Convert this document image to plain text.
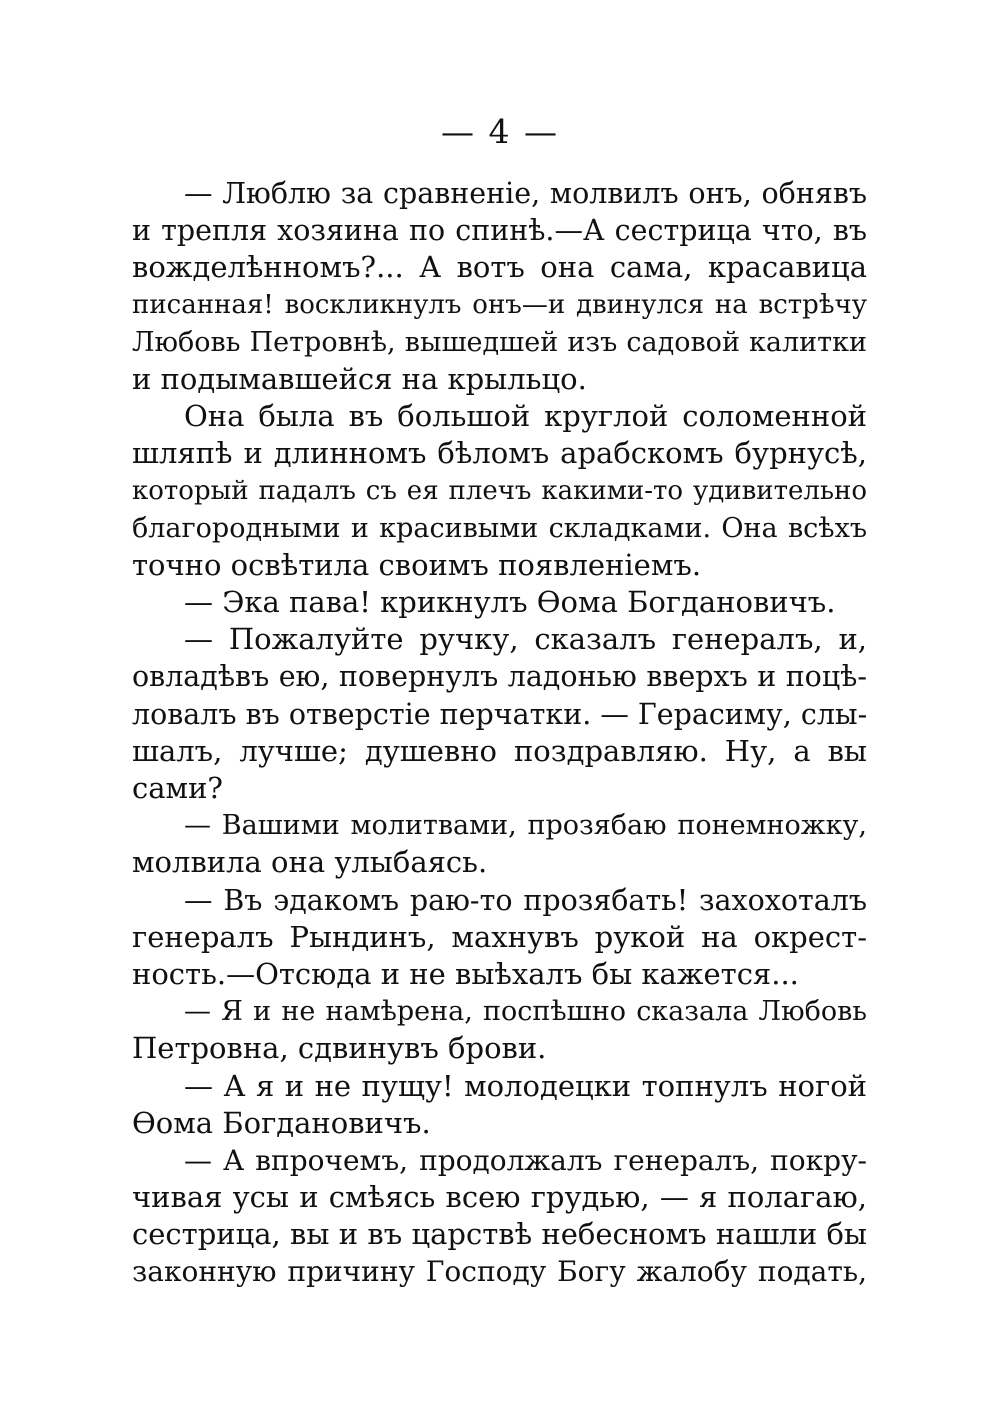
— 4 —
— Люблю за сравненіе, молвилъ онъ, обнявъ
и трепля хозяина по спинѣ.—А сестрица что, въ
вожделѣнномъ?... А вотъ она сама, красавица
писанная! воскликнулъ онъ—и двинулся на встрѣчу
Любовь Петровнѣ, вышедшей изъ садовой калитки
и подымавшейся на крыльцо.
Она была въ большой круглой соломенной
шляпѣ и длинномъ бѣломъ арабскомъ бурнусѣ,
который падалъ съ ея плечъ какими-то удивительно
благородными и красивыми складками. Она всѣхъ
точно освѣтила своимъ появленіемъ.
— Эка пава! крикнулъ Ѳома Богдановичъ.
— Пожалуйте ручку, сказалъ генералъ, и,
овладѣвъ ею, повернулъ ладонью вверхъ и поцѣ-
ловалъ въ отверстіе перчатки. — Герасиму, слы-
шалъ, лучше; душевно поздравляю. Ну, а вы
сами?
— Вашими молитвами, прозябаю понемножку,
молвила она улыбаясь.
— Въ эдакомъ раю-то прозябать! захохоталъ
генералъ Рындинъ, махнувъ рукой на окрест-
ность.—Отсюда и не выѣхалъ бы кажется...
— Я и не намѣрена, поспѣшно сказала Любовь
Петровна, сдвинувъ брови.
— А я и не пущу! молодецки топнулъ ногой
Ѳома Богдановичъ.
— А впрочемъ, продолжалъ генералъ, покру-
чивая усы и смѣясь всею грудью, — я полагаю,
сестрица, вы и въ царствѣ небесномъ нашли бы
законную причину Господу Богу жалобу подать,
